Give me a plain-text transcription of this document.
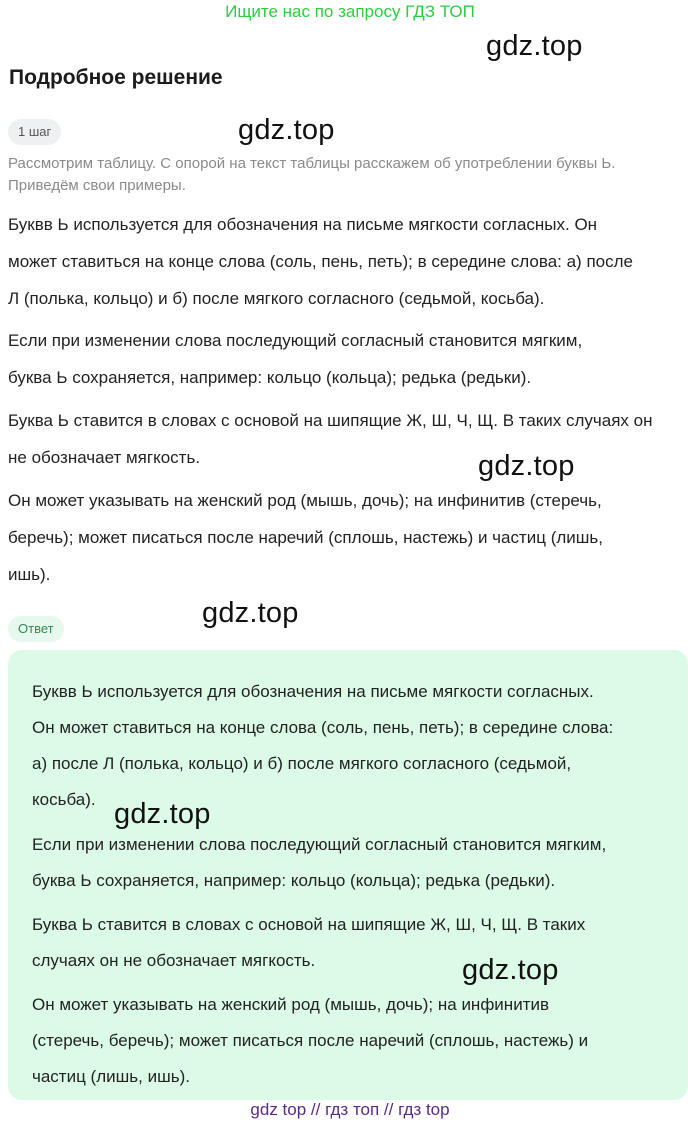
Ищите нас по запросу ГДЗ ТОП
gdz.top
Подробное решение
1 шаг	gdz.top
Рассмотрим таблицу. С опорой на текст таблицы расскажем об употреблении буквы Ь. Приведём свои примеры.
Буквв Ь используется для обозначения на письме мягкости согласных. Он
может ставиться на конце слова (соль, пень, петь); в середине слова: а) после
Л (полька, кольцо) и б) после мягкого согласного (седьмой, косьба).
Если при изменении слова последующий согласный становится мягким,
буква Ь сохраняется, например: кольцо (кольца); редька (редьки).
Буква Ь ставится в словах с основой на шипящие Ж, Ш, Ч, Щ. В таких случаях он
не обозначает мягкость.	gdz.top
Он может указывать на женский род (мышь, дочь); на инфинитив (стеречь,
беречь); может писаться после наречий (сплошь, настежь) и частиц (лишь,
ишь).
Ответ	gdz.top
Буквв Ь используется для обозначения на письме мягкости согласных.
Он может ставиться на конце слова (соль, пень, петь); в середине слова:
а) после Л (полька, кольцо) и б) после мягкого согласного (седьмой,
косьба). gdz.top
Если при изменении слова последующий согласный становится мягким,
буква Ь сохраняется, например: кольцо (кольца); редька (редьки).
Буква Ь ставится в словах с основой на шипящие Ж, Ш, Ч, Щ. В таких
случаях он не обозначает мягкость.	gdz.top
Он может указывать на женский род (мышь, дочь); на инфинитив
(стеречь, беречь); может писаться после наречий (сплошь, настежь) и
частиц (лишь, ишь).
gdz top // гдз топ // гдз top
